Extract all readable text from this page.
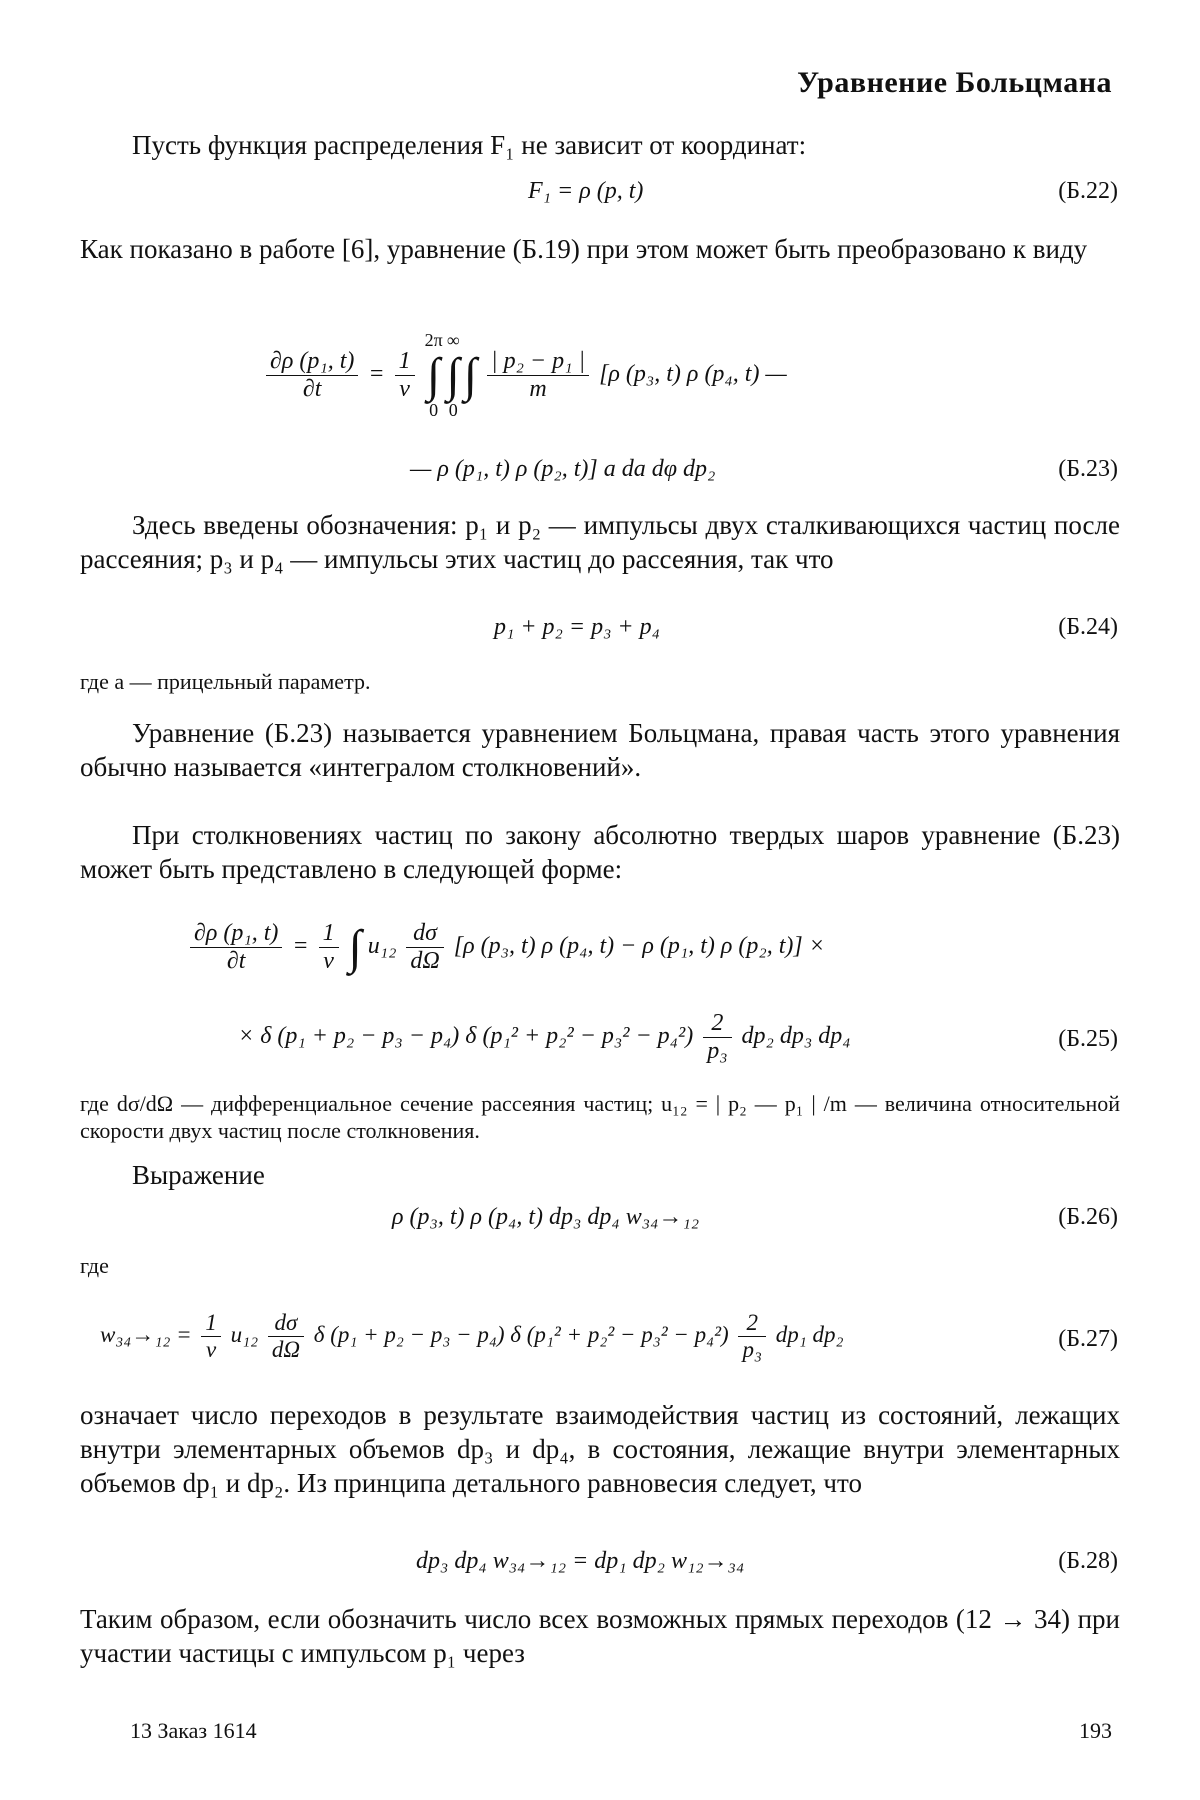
Уравнение Больцмана
Пусть функция распределения F₁ не зависит от координат:
F₁ = ρ (p, t)	(Б.22)
Как показано в работе [6], уравнение (Б.19) при этом может быть преобразовано к виду
$\frac{\text{∂ρ (p₁, t)}}{\partial t} = \frac{1}{v}$
2π
∫
0 ∞
∫
0 ∫ $\frac{\text{| p₂ − p₁ |}}{m} [\rho$ (p₃, t) ρ (p₄, t) —
— ρ (p₁, t) ρ (p₂, t)] a da dφ dp₂	(Б.23)
Здесь введены обозначения: p₁ и p₂ — импульсы двух сталкивающихся частиц после рассеяния; p₃ и p₄ — импульсы этих частиц до рассеяния, так что
p₁ + p₂ = p₃ + p₄	(Б.24)
где a — прицельный параметр.
Уравнение (Б.23) называется уравнением Больцмана, правая часть этого уравнения обычно называется «интегралом столкновений».
При столкновениях частиц по закону абсолютно твердых шаров уравнение (Б.23) может быть представлено в следующей форме:
$\frac{\text{∂ρ (p₁, t)}}{\partial t} = \frac{1}{v}$ ∫ $u_{12} \frac{d\sigma}{d\Omega} [\rho$ (p₃, t) ρ (p₄, t) − ρ (p₁, t) ρ (p₂, t)] ×
× δ (p₁ + p₂ − p₃ − p₄) δ $(p_1^2 + p_2^2 - p_3^2 - p_4^2) \frac{2}{\text{p₃}} dp_2$ dp₃ dp₄	(Б.25)
где dσ/dΩ — дифференциальное сечение рассеяния частиц; u₁₂ = | p₂ — p₁ | /m — величина относительной скорости двух частиц после столкновения.
Выражение
ρ (p₃, t) ρ (p₄, t) dp₃ dp₄ w₃₄→₁₂	(Б.26)
где
$w_{34}\to_{12} = \frac{1}{v} u_{12} \frac{d\sigma}{d\Omega}$ δ (p₁ + p₂ − p₃ − p₄) δ $(p_1^2 + p_2^2 - p_3^2 - p_4^2) \frac{2}{\text{p₃}} dp_1$ dp₂	(Б.27)
означает число переходов в результате взаимодействия частиц из состояний, лежащих внутри элементарных объемов dp₃ и dp₄, в состояния, лежащие внутри элементарных объемов dp₁ и dp₂. Из принципа детального равновесия следует, что
dp₃ dp₄ w₃₄→₁₂ = dp₁ dp₂ w₁₂→₃₄	(Б.28)
Таким образом, если обозначить число всех возможных прямых переходов (12 → 34) при участии частицы с импульсом p₁ через
13 Заказ 1614	193
